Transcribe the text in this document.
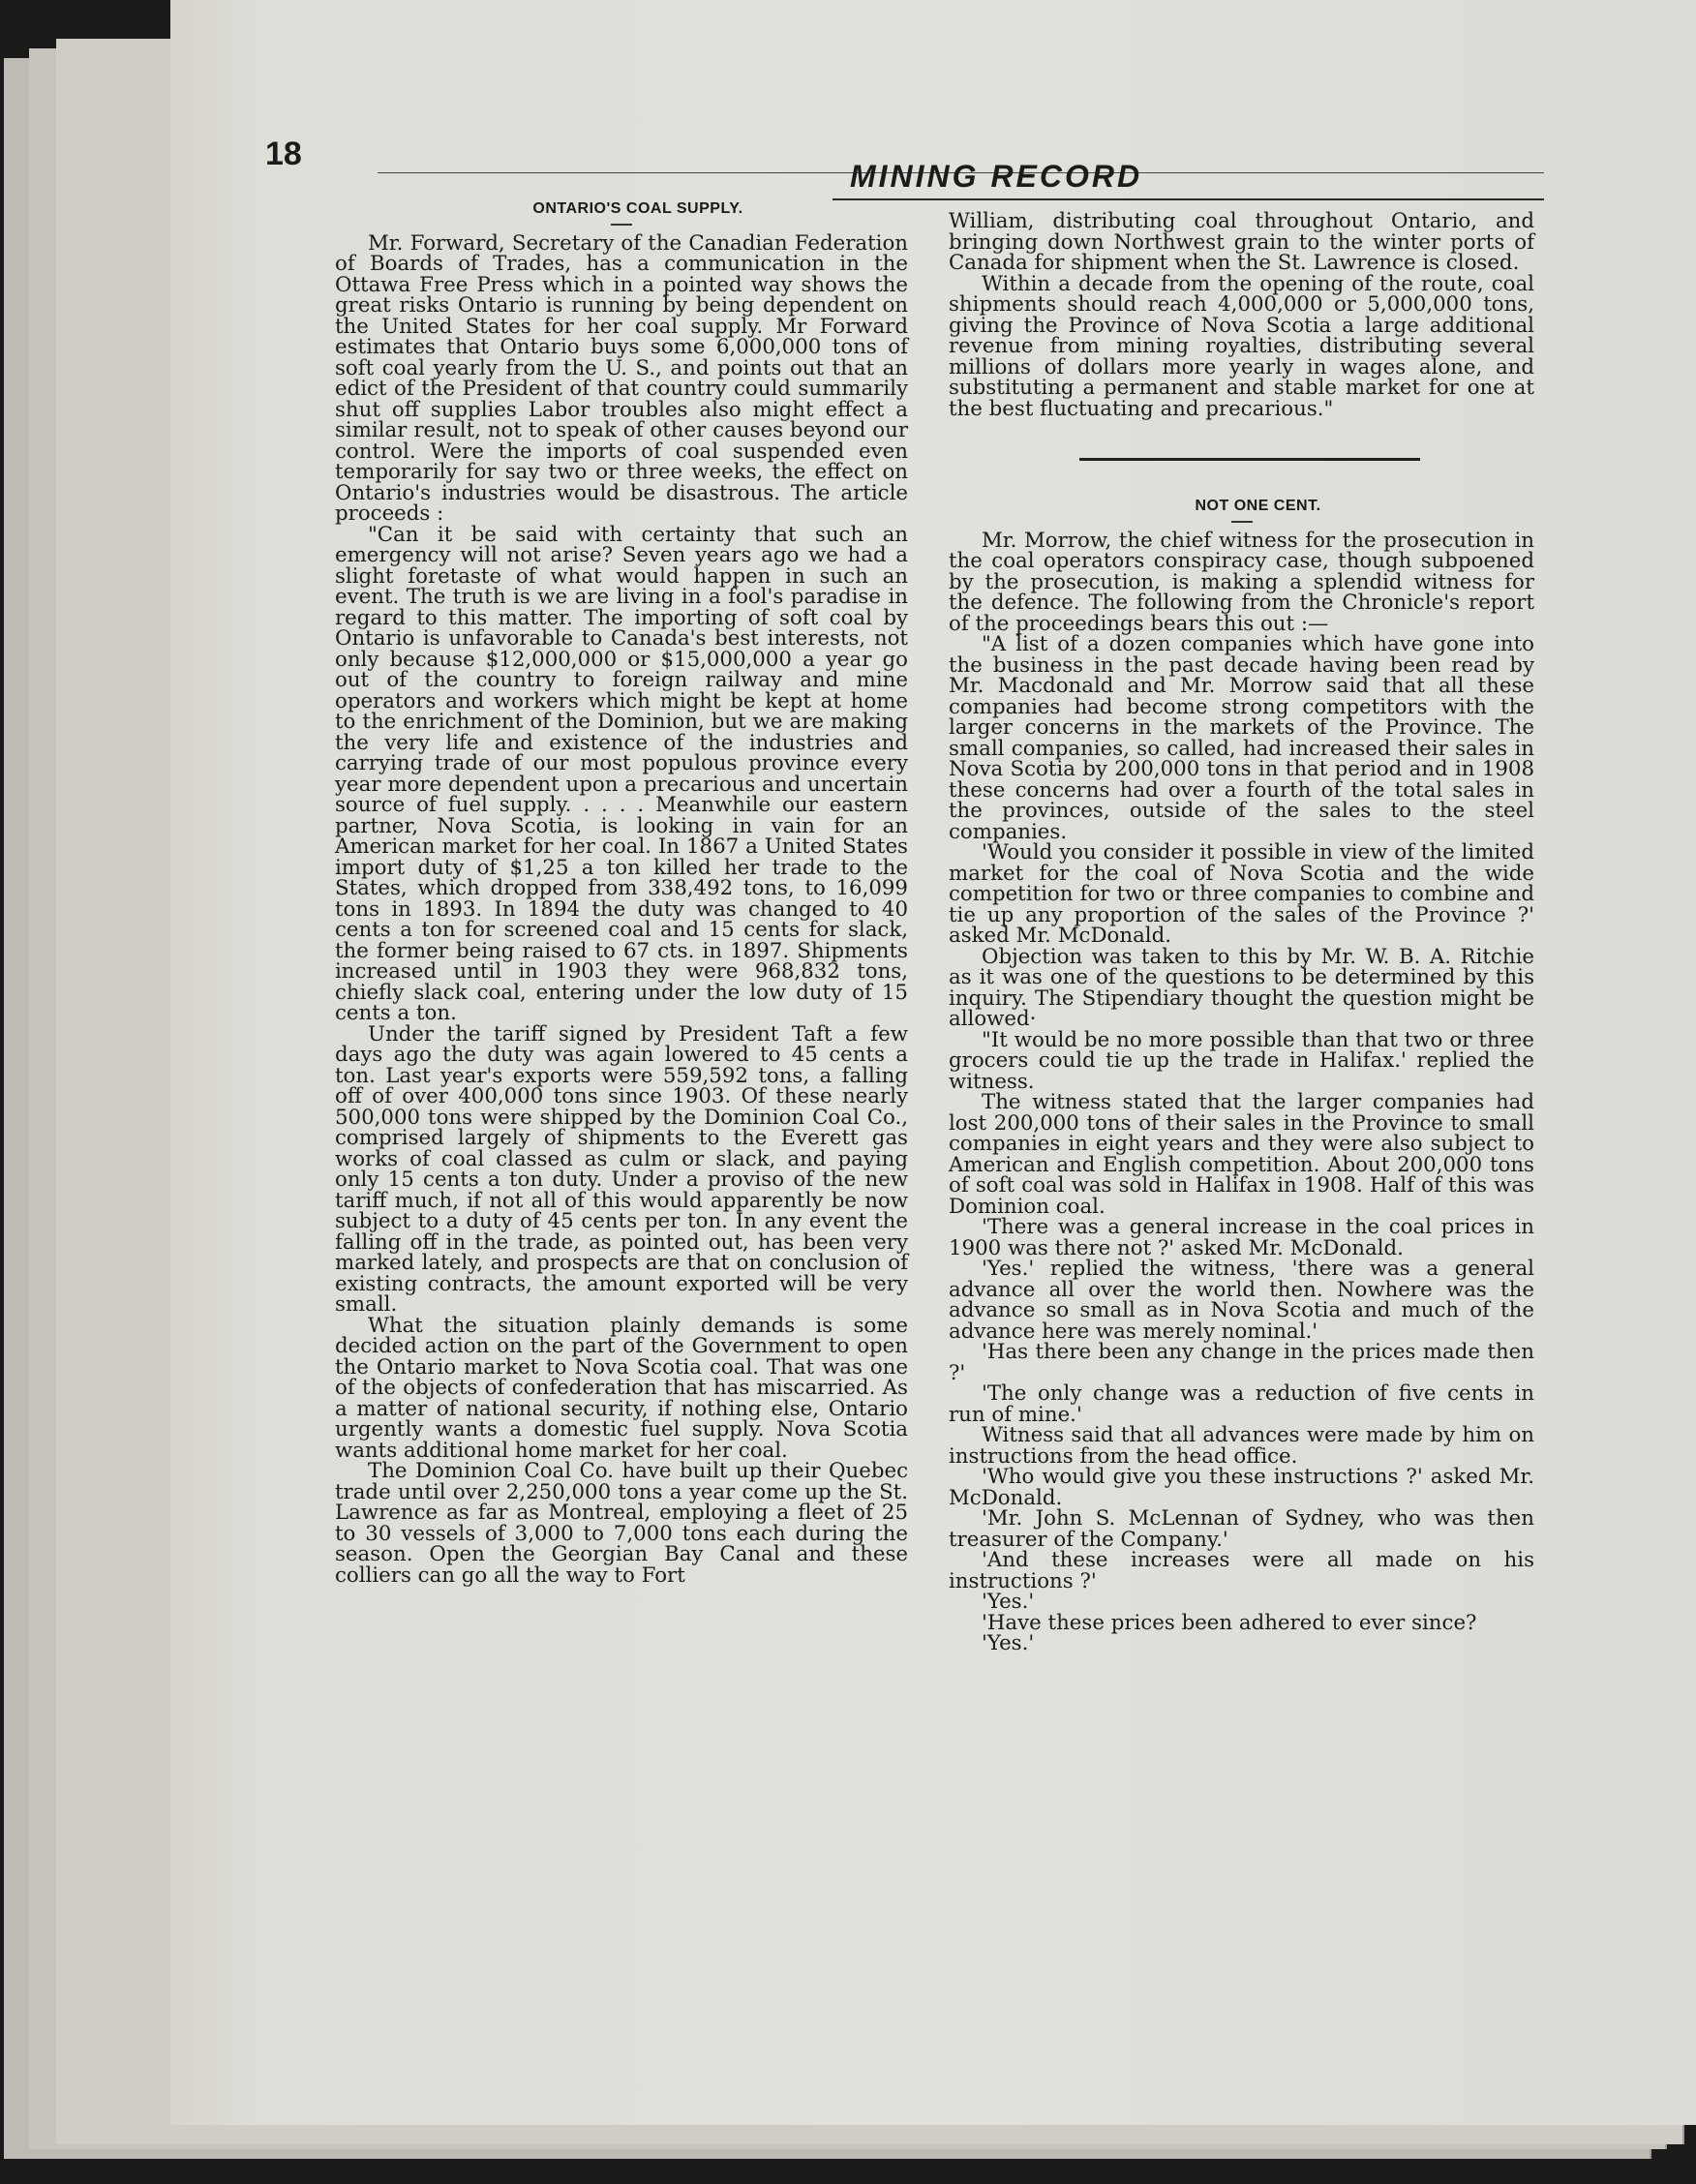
18
MINING RECORD

ONTARIO'S COAL SUPPLY.

Mr. Forward, Secretary of the Canadian Federation of Boards of Trades, has a communication in the Ottawa Free Press which in a pointed way shows the great risks Ontario is running by being dependent on the United States for her coal supply. Mr Forward estimates that Ontario buys some 6,000,000 tons of soft coal yearly from the U. S., and points out that an edict of the President of that country could summarily shut off supplies Labor troubles also might effect a similar result, not to speak of other causes beyond our control. Were the imports of coal suspended even temporarily for say two or three weeks, the effect on Ontario's industries would be disastrous. The article proceeds :

"Can it be said with certainty that such an emergency will not arise? Seven years ago we had a slight foretaste of what would happen in such an event. The truth is we are living in a fool's paradise in regard to this matter. The importing of soft coal by Ontario is unfavorable to Canada's best interests, not only because $12,000,000 or $15,000,000 a year go out of the country to foreign railway and mine operators and workers which might be kept at home to the enrichment of the Dominion, but we are making the very life and existence of the industries and carrying trade of our most populous province every year more dependent upon a precarious and uncertain source of fuel supply. . . . . Meanwhile our eastern partner, Nova Scotia, is looking in vain for an American market for her coal. In 1867 a United States import duty of $1,25 a ton killed her trade to the States, which dropped from 338,492 tons, to 16,099 tons in 1893. In 1894 the duty was changed to 40 cents a ton for screened coal and 15 cents for slack, the former being raised to 67 cts. in 1897. Shipments increased until in 1903 they were 968,832 tons, chiefly slack coal, entering under the low duty of 15 cents a ton.

Under the tariff signed by President Taft a few days ago the duty was again lowered to 45 cents a ton. Last year's exports were 559,592 tons, a falling off of over 400,000 tons since 1903. Of these nearly 500,000 tons were shipped by the Dominion Coal Co., comprised largely of shipments to the Everett gas works of coal classed as culm or slack, and paying only 15 cents a ton duty. Under a proviso of the new tariff much, if not all of this would apparently be now subject to a duty of 45 cents per ton. In any event the falling off in the trade, as pointed out, has been very marked lately, and prospects are that on conclusion of existing contracts, the amount exported will be very small.

What the situation plainly demands is some decided action on the part of the Government to open the Ontario market to Nova Scotia coal. That was one of the objects of confederation that has miscarried. As a matter of national security, if nothing else, Ontario urgently wants a domestic fuel supply. Nova Scotia wants additional home market for her coal.

The Dominion Coal Co. have built up their Quebec trade until over 2,250,000 tons a year come up the St. Lawrence as far as Montreal, employing a fleet of 25 to 30 vessels of 3,000 to 7,000 tons each during the season. Open the Georgian Bay Canal and these colliers can go all the way to Fort

William, distributing coal throughout Ontario, and bringing down Northwest grain to the winter ports of Canada for shipment when the St. Lawrence is closed.

Within a decade from the opening of the route, coal shipments should reach 4,000,000 or 5,000,000 tons, giving the Province of Nova Scotia a large additional revenue from mining royalties, distributing several millions of dollars more yearly in wages alone, and substituting a permanent and stable market for one at the best fluctuating and precarious."

NOT ONE CENT.

Mr. Morrow, the chief witness for the prosecution in the coal operators conspiracy case, though subpoened by the prosecution, is making a splendid witness for the defence. The following from the Chronicle's report of the proceedings bears this out :—

"A list of a dozen companies which have gone into the business in the past decade having been read by Mr. Macdonald and Mr. Morrow said that all these companies had become strong competitors with the larger concerns in the markets of the Province. The small companies, so called, had increased their sales in Nova Scotia by 200,000 tons in that period and in 1908 these concerns had over a fourth of the total sales in the provinces, outside of the sales to the steel companies.

'Would you consider it possible in view of the limited market for the coal of Nova Scotia and the wide competition for two or three companies to combine and tie up any proportion of the sales of the Province ?' asked Mr. McDonald.

Objection was taken to this by Mr. W. B. A. Ritchie as it was one of the questions to be determined by this inquiry. The Stipendiary thought the question might be allowed·

"It would be no more possible than that two or three grocers could tie up the trade in Halifax.' replied the witness.

The witness stated that the larger companies had lost 200,000 tons of their sales in the Province to small companies in eight years and they were also subject to American and English competition. About 200,000 tons of soft coal was sold in Halifax in 1908. Half of this was Dominion coal.

'There was a general increase in the coal prices in 1900 was there not ?' asked Mr. McDonald.

'Yes.' replied the witness, 'there was a general advance all over the world then. Nowhere was the advance so small as in Nova Scotia and much of the advance here was merely nominal.'

'Has there been any change in the prices made then ?'

'The only change was a reduction of five cents in run of mine.'

Witness said that all advances were made by him on instructions from the head office.

'Who would give you these instructions ?' asked Mr. McDonald.

'Mr. John S. McLennan of Sydney, who was then treasurer of the Company.'

'And these increases were all made on his instructions ?'

'Yes.'

'Have these prices been adhered to ever since?

'Yes.'
